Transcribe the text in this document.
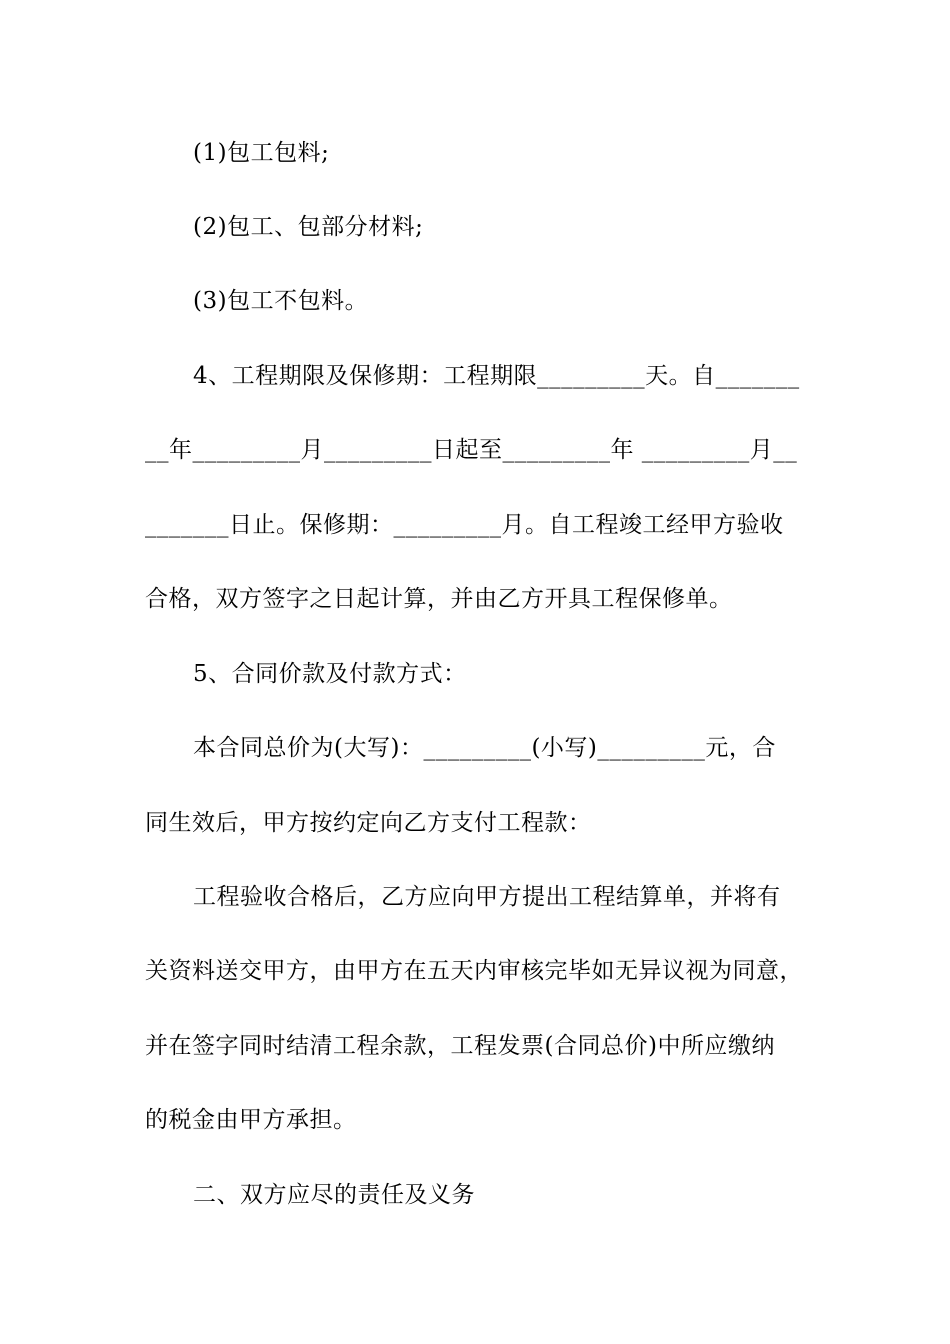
(1)包工包料;
(2)包工、包部分材料;
(3)包工不包料。
4、工程期限及保修期：工程期限_________天。自_______
__年_________月_________日起至_________年 _________月__
_______日止。保修期：_________月。自工程竣工经甲方验收
合格，双方签字之日起计算，并由乙方开具工程保修单。
5、合同价款及付款方式：
本合同总价为(大写)：_________(小写)_________元，合
同生效后，甲方按约定向乙方支付工程款：
工程验收合格后，乙方应向甲方提出工程结算单，并将有
关资料送交甲方，由甲方在五天内审核完毕如无异议视为同意，
并在签字同时结清工程余款，工程发票(合同总价)中所应缴纳
的税金由甲方承担。
二、双方应尽的责任及义务
